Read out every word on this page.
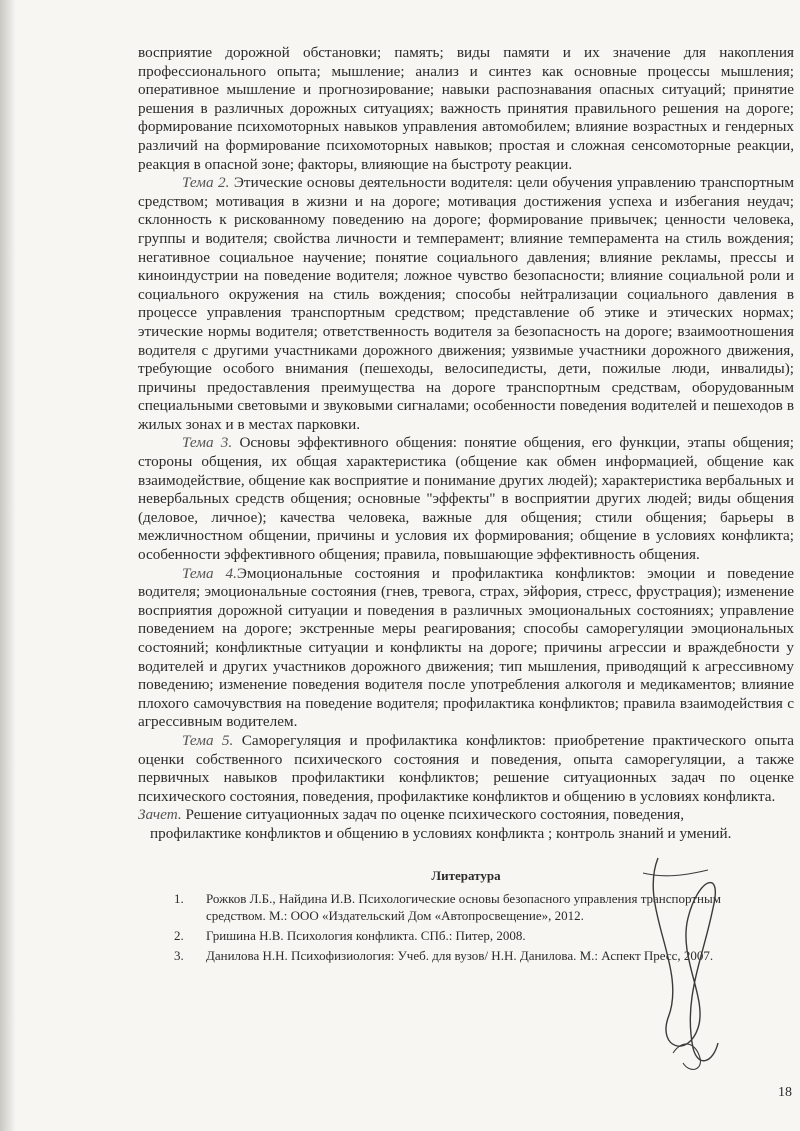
восприятие дорожной обстановки; память; виды памяти и их значение для накопления профессионального опыта; мышление; анализ и синтез как основные процессы мышления; оперативное мышление и прогнозирование; навыки распознавания опасных ситуаций; принятие решения в различных дорожных ситуациях; важность принятия правильного решения на дороге; формирование психомоторных навыков управления автомобилем; влияние возрастных и гендерных различий на формирование психомоторных навыков; простая и сложная сенсомоторные реакции, реакция в опасной зоне; факторы, влияющие на быстроту реакции.

Тема 2. Этические основы деятельности водителя: цели обучения управлению транспортным средством; мотивация в жизни и на дороге; мотивация достижения успеха и избегания неудач; склонность к рискованному поведению на дороге; формирование привычек; ценности человека, группы и водителя; свойства личности и темперамент; влияние темперамента на стиль вождения; негативное социальное научение; понятие социального давления; влияние рекламы, прессы и киноиндустрии на поведение водителя; ложное чувство безопасности; влияние социальной роли и социального окружения на стиль вождения; способы нейтрализации социального давления в процессе управления транспортным средством; представление об этике и этических нормах; этические нормы водителя; ответственность водителя за безопасность на дороге; взаимоотношения водителя с другими участниками дорожного движения; уязвимые участники дорожного движения, требующие особого внимания (пешеходы, велосипедисты, дети, пожилые люди, инвалиды); причины предоставления преимущества на дороге транспортным средствам, оборудованным специальными световыми и звуковыми сигналами; особенности поведения водителей и пешеходов в жилых зонах и в местах парковки.

Тема 3. Основы эффективного общения: понятие общения, его функции, этапы общения; стороны общения, их общая характеристика (общение как обмен информацией, общение как взаимодействие, общение как восприятие и понимание других людей); характеристика вербальных и невербальных средств общения; основные "эффекты" в восприятии других людей; виды общения (деловое, личное); качества человека, важные для общения; стили общения; барьеры в межличностном общении, причины и условия их формирования; общение в условиях конфликта; особенности эффективного общения; правила, повышающие эффективность общения.

Тема 4.Эмоциональные состояния и профилактика конфликтов: эмоции и поведение водителя; эмоциональные состояния (гнев, тревога, страх, эйфория, стресс, фрустрация); изменение восприятия дорожной ситуации и поведения в различных эмоциональных состояниях; управление поведением на дороге; экстренные меры реагирования; способы саморегуляции эмоциональных состояний; конфликтные ситуации и конфликты на дороге; причины агрессии и враждебности у водителей и других участников дорожного движения; тип мышления, приводящий к агрессивному поведению; изменение поведения водителя после употребления алкоголя и медикаментов; влияние плохого самочувствия на поведение водителя; профилактика конфликтов; правила взаимодействия с агрессивным водителем.

Тема 5. Саморегуляция и профилактика конфликтов: приобретение практического опыта оценки собственного психического состояния и поведения, опыта саморегуляции, а также первичных навыков профилактики конфликтов; решение ситуационных задач по оценке психического состояния, поведения, профилактике конфликтов и общению в условиях конфликта.

Зачет. Решение ситуационных задач по оценке психического состояния, поведения,
профилактике конфликтов и общению в условиях конфликта ; контроль знаний и умений.

Литература
1.	Рожков Л.Б., Найдина И.В. Психологические основы безопасного управления транспортным средством. М.: ООО «Издательский Дом «Автопросвещение», 2012.
2.	Гришина Н.В. Психология конфликта. СПб.: Питер, 2008.
3.	Данилова Н.Н. Психофизиология: Учеб. для вузов/ Н.Н. Данилова. М.: Аспект Пресс, 2007.
18
